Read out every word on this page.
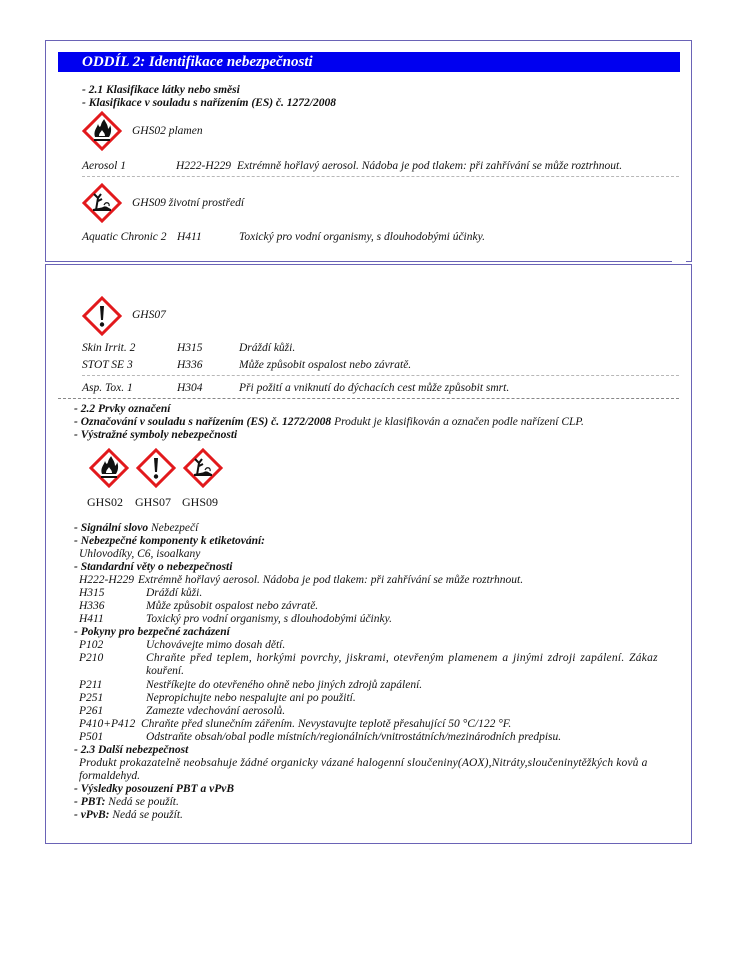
ODDÍL 2: Identifikace nebezpečnosti
- 2.1 Klasifikace látky nebo směsi
- Klasifikace v souladu s nařízením (ES) č. 1272/2008
GHS02 plamen
Aerosol 1	H222-H229 Extrémně hořlavý aerosol. Nádoba je pod tlakem: při zahřívání se může roztrhnout.
GHS09 životní prostředí
Aquatic Chronic 2 H411	Toxický pro vodní organismy, s dlouhodobými účinky.
GHS07
Skin Irrit. 2	H315	Dráždí kůži.
STOT SE 3	H336	Může způsobit ospalost nebo závratě.
Asp. Tox. 1	H304	Při požití a vniknutí do dýchacích cest může způsobit smrt.
- 2.2 Prvky označení
- Označování v souladu s nařízením (ES) č. 1272/2008 Produkt je klasifikován a označen podle nařízení CLP.
- Výstražné symboly nebezpečnosti
GHS02 GHS07 GHS09
- Signální slovo Nebezpečí
- Nebezpečné komponenty k etiketování:
Uhlovodíky, C6, isoalkany
- Standardní věty o nebezpečnosti
H222-H229 Extrémně hořlavý aerosol. Nádoba je pod tlakem: při zahřívání se může roztrhnout.
H315	Dráždí kůži.
H336	Může způsobit ospalost nebo závratě.
H411	Toxický pro vodní organismy, s dlouhodobými účinky.
- Pokyny pro bezpečné zacházení
P102	Uchovávejte mimo dosah dětí.
P210	Chraňte před teplem, horkými povrchy, jiskrami, otevřeným plamenem a jinými zdroji zapálení. Zákaz
kouření.
P211	Nestříkejte do otevřeného ohně nebo jiných zdrojů zapálení.
P251	Nepropichujte nebo nespalujte ani po použití.
P261	Zamezte vdechování aerosolů.
P410+P412 Chraňte před slunečním zářením. Nevystavujte teplotě přesahující 50 °C/122 °F.
P501	Odstraňte obsah/obal podle místních/regionálních/vnitrostátních/mezinárodních predpisu.
- 2.3 Další nebezpečnost
Produkt prokazatelně neobsahuje žádné organicky vázané halogenní sloučeniny(AOX),Nitráty,sloučeninytěžkých kovů a
formaldehyd.
- Výsledky posouzení PBT a vPvB
- PBT: Nedá se použít.
- vPvB: Nedá se použít.
